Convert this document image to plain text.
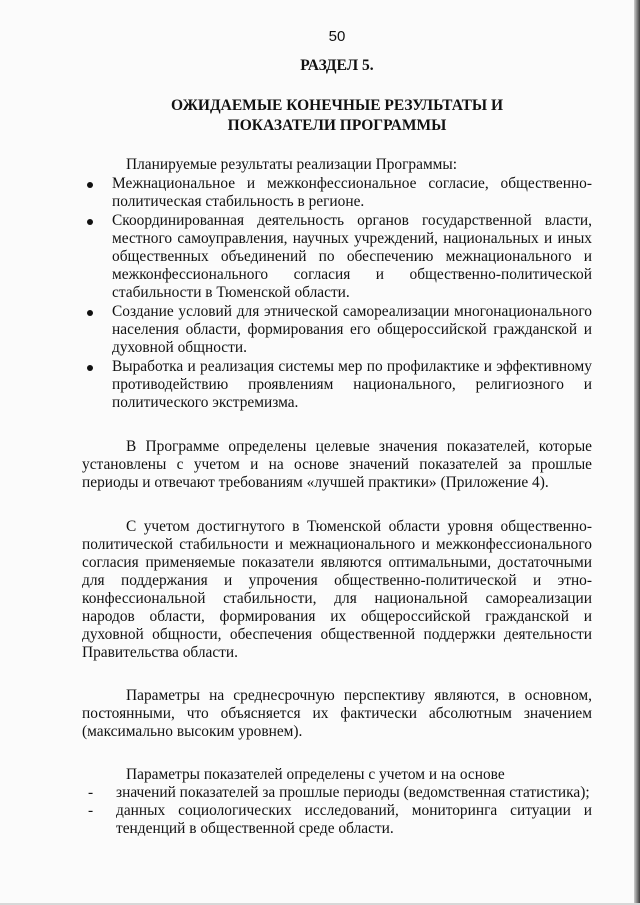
50
РАЗДЕЛ 5.
ОЖИДАЕМЫЕ КОНЕЧНЫЕ РЕЗУЛЬТАТЫ И
ПОКАЗАТЕЛИ ПРОГРАММЫ
Планируемые результаты реализации Программы:
Межнациональное и межконфессиональное согласие, общественно-политическая стабильность в регионе.
Скоординированная деятельность органов государственной власти, местного самоуправления, научных учреждений, национальных и иных общественных объединений по обеспечению межнационального и межконфессионального согласия и общественно-политической стабильности в Тюменской области.
Создание условий для этнической самореализации многонационального населения области, формирования его общероссийской гражданской и духовной общности.
Выработка и реализация системы мер по профилактике и эффективному противодействию проявлениям национального, религиозного и политического экстремизма.

В Программе определены целевые значения показателей, которые установлены с учетом и на основе значений показателей за прошлые периоды и отвечают требованиям «лучшей практики» (Приложение 4).

С учетом достигнутого в Тюменской области уровня общественно-политической стабильности и межнационального и межконфессионального согласия применяемые показатели являются оптимальными, достаточными для поддержания и упрочения общественно-политической и этно-конфессиональной стабильности, для национальной самореализации народов области, формирования их общероссийской гражданской и духовной общности, обеспечения общественной поддержки деятельности Правительства области.

Параметры на среднесрочную перспективу являются, в основном, постоянными, что объясняется их фактически абсолютным значением (максимально высоким уровнем).

Параметры показателей определены с учетом и на основе

-	значений показателей за прошлые периоды (ведомственная статистика);
-	данных социологических исследований, мониторинга ситуации и тенденций в общественной среде области.
